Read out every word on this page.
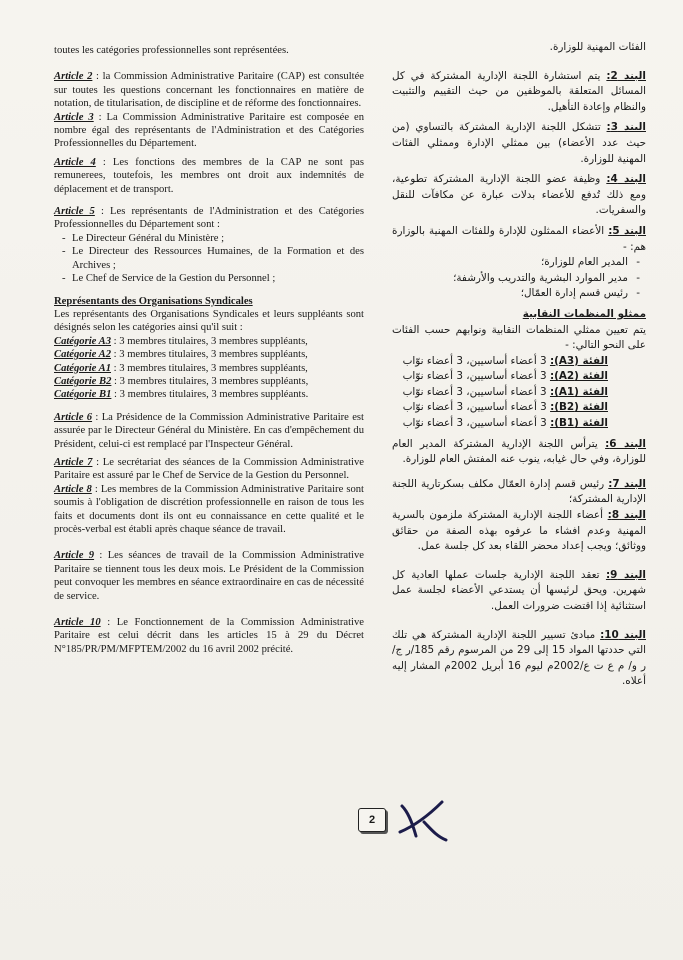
toutes les catégories professionnelles sont représentées.

Article 2 : la Commission Administrative Paritaire (CAP) est consultée sur toutes les questions concernant les fonctionnaires en matière de notation, de titularisation, de discipline et de réforme des fonctionnaires.

Article 3 : La Commission Administrative Paritaire est composée en nombre égal des représentants de l'Administration et des Catégories Professionnelles du Département.

Article 4 : Les fonctions des membres de la CAP ne sont pas remunerees, toutefois, les membres ont droit aux indemnités de déplacement et de transport.

Article 5 : Les représentants de l'Administration et des Catégories Professionnelles du Département sont :

- Le Directeur Général du Ministère ;
- Le Directeur des Ressources Humaines, de la Formation et des Archives ;
- Le Chef de Service de la Gestion du Personnel ;

Représentants des Organisations Syndicales

Les représentants des Organisations Syndicales et leurs suppléants sont désignés selon les catégories ainsi qu'il suit :

Catégorie A3 : 3 membres titulaires, 3 membres suppléants,

Catégorie A2 : 3 membres titulaires, 3 membres suppléants,

Catégorie A1 : 3 membres titulaires, 3 membres suppléants,

Catégorie B2 : 3 membres titulaires, 3 membres suppléants,

Catégorie B1 : 3 membres titulaires, 3 membres suppléants.

Article 6 : La Présidence de la Commission Administrative Paritaire est assurée par le Directeur Général du Ministère. En cas d'empêchement du Président, celui-ci est remplacé par l'Inspecteur Général.

Article 7 : Le secrétariat des séances de la Commission Administrative Paritaire est assuré par le Chef de Service de la Gestion du Personnel.

Article 8 : Les membres de la Commission Administrative Paritaire sont soumis à l'obligation de discrétion professionnelle en raison de tous les faits et documents dont ils ont eu connaissance en cette qualité et le procès-verbal est établi après chaque séance de travail.

Article 9 : Les séances de travail de la Commission Administrative Paritaire se tiennent tous les deux mois. Le Président de la Commission peut convoquer les membres en séance extraordinaire en cas de nécessité de service.

Article 10 : Le Fonctionnement de la Commission Administrative Paritaire est celui décrit dans les articles 15 à 29 du Décret N°185/PR/PM/MFPTEM/2002 du 16 avril 2002 précité.

الفئات المهنية للوزارة.

البند 2: يتم استشارة اللجنة الإدارية المشتركة في كل المسائل المتعلقة بالموظفين من حيث التقييم والتثبيت والنظام وإعادة التأهيل.

البند 3: تتشكل اللجنة الإدارية المشتركة بالتساوي (من حيث عدد الأعضاء) بين ممثلي الإدارة وممثلي الفئات المهنية للوزارة.

البند 4: وظيفة عضو اللجنة الإدارية المشتركة تطوعية، ومع ذلك تُدفع للأعضاء بدلات عبارة عن مكافآت للنقل والسفريات.

البند 5: الأعضاء الممثلون للإدارة وللفئات المهنية بالوزارة هم: -

- المدير العام للوزارة؛
- مدير الموارد البشرية والتدريب والأرشفة؛
- رئيس قسم إدارة العمّال؛

ممثلو المنظمات النقابية

يتم تعيين ممثلي المنظمات النقابية ونوابهم حسب الفئات على النحو التالي: -

الفئة (A3): 3 أعضاء أساسيين، 3 أعضاء نوّاب

الفئة (A2): 3 أعضاء أساسيين، 3 أعضاء نوّاب

الفئة (A1): 3 أعضاء أساسيين، 3 أعضاء نوّاب

الفئة (B2): 3 أعضاء أساسيين، 3 أعضاء نوّاب

الفئة (B1): 3 أعضاء أساسيين، 3 أعضاء نوّاب

البند 6: يترأس اللجنة الإدارية المشتركة المدير العام للوزارة، وفي حال غيابه، ينوب عنه المفتش العام للوزارة.

البند 7: رئيس قسم إدارة العمّال مكلف بسكرتارية اللجنة الإدارية المشتركة؛

البند 8: أعضاء اللجنة الإدارية المشتركة ملزمون بالسرية المهنية وعدم افشاء ما عرفوه بهذه الصفة من حقائق ووثائق؛ ويجب إعداد محضر اللقاء بعد كل جلسة عمل.

البند 9: تعقد اللجنة الإدارية جلسات عملها العادية كل شهرين. ويحق لرئيسها أن يستدعي الأعضاء لجلسة عمل استثنائية إذا اقتضت ضرورات العمل.

البند 10: مبادئ تسيير اللجنة الإدارية المشتركة هي تلك التي حددتها المواد 15 إلى 29 من المرسوم رقم 185/ر ج/ ر و/ م ع ت ع/2002م ليوم 16 أبريل 2002م المشار إليه أعلاه.

2
